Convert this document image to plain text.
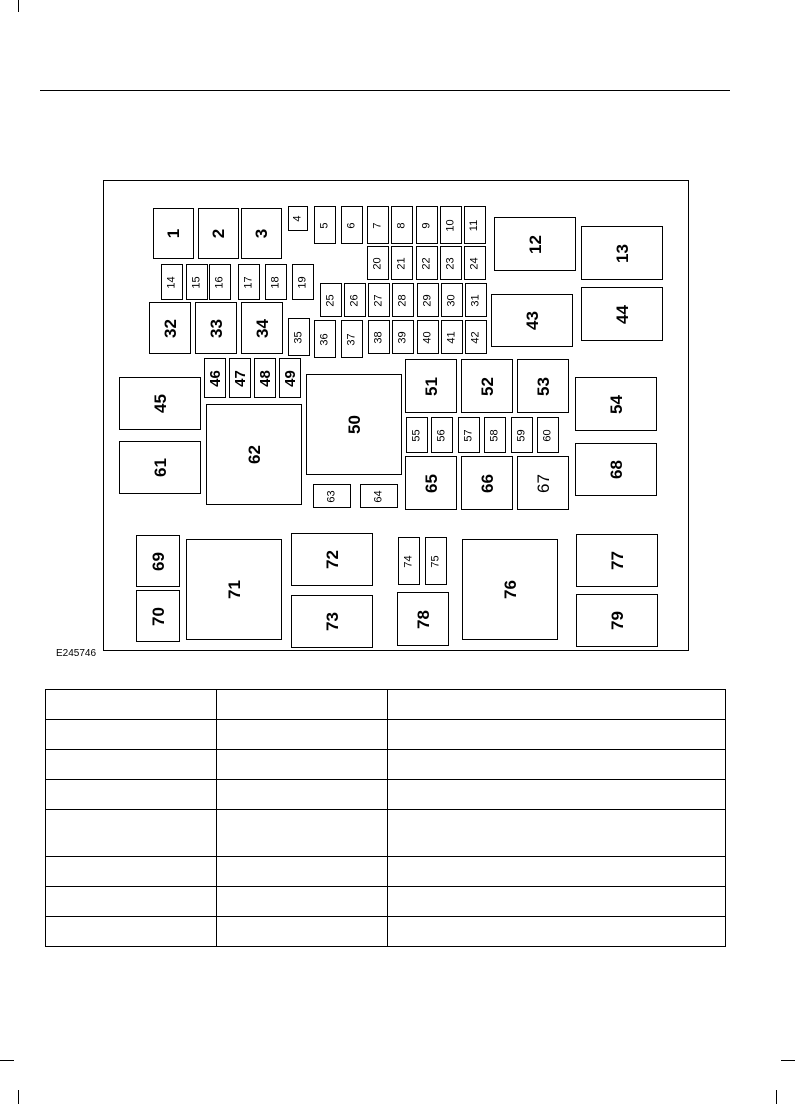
1 2 3
4
5 6 7 8 9 10 11
12	13
14 15 16 17 18 19
20 21 22 23 24
25 26 27 28 29 30 31
32 33 34 35 36 37 38 39 40 41 42
43	44
45
46 47 48 49
50
51 52 53
54
55 56 57 58 59 60
61
62
63	64
65 66 67
68
69
70
71
72
73
74 75
76
77
78	79
E245746
